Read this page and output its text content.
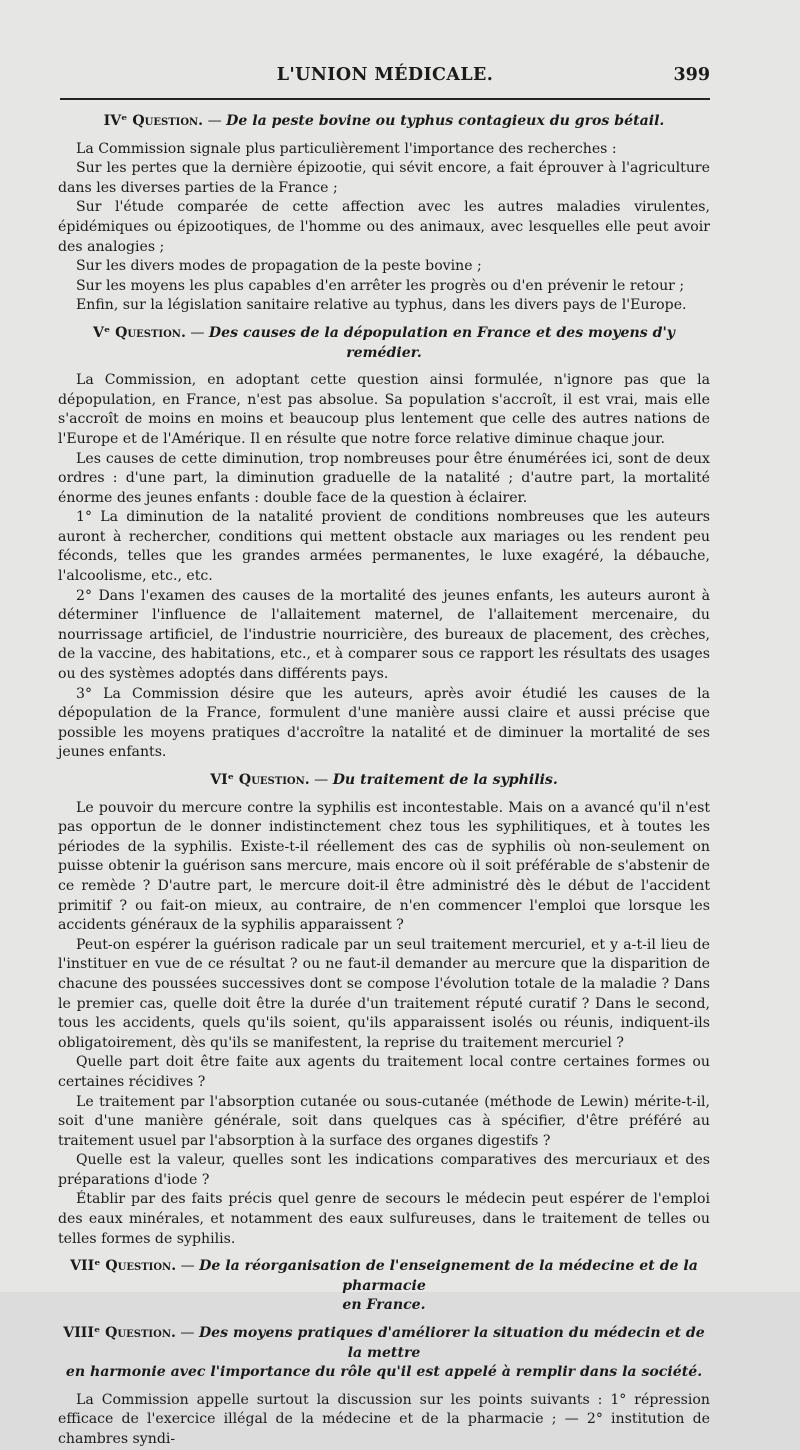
L'UNION MÉDICALE.	399
IVᵉ Question. — De la peste bovine ou typhus contagieux du gros bétail.

La Commission signale plus particulièrement l'importance des recherches :

Sur les pertes que la dernière épizootie, qui sévit encore, a fait éprouver à l'agriculture dans les diverses parties de la France ;

Sur l'étude comparée de cette affection avec les autres maladies virulentes, épidémiques ou épizootiques, de l'homme ou des animaux, avec lesquelles elle peut avoir des analogies ;

Sur les divers modes de propagation de la peste bovine ;

Sur les moyens les plus capables d'en arrêter les progrès ou d'en prévenir le retour ;

Enfin, sur la législation sanitaire relative au typhus, dans les divers pays de l'Europe.

Vᵉ Question. — Des causes de la dépopulation en France et des moyens d'y remédier.

La Commission, en adoptant cette question ainsi formulée, n'ignore pas que la dépopulation, en France, n'est pas absolue. Sa population s'accroît, il est vrai, mais elle s'accroît de moins en moins et beaucoup plus lentement que celle des autres nations de l'Europe et de l'Amérique. Il en résulte que notre force relative diminue chaque jour.

Les causes de cette diminution, trop nombreuses pour être énumérées ici, sont de deux ordres : d'une part, la diminution graduelle de la natalité ; d'autre part, la mortalité énorme des jeunes enfants : double face de la question à éclairer.

1° La diminution de la natalité provient de conditions nombreuses que les auteurs auront à rechercher, conditions qui mettent obstacle aux mariages ou les rendent peu féconds, telles que les grandes armées permanentes, le luxe exagéré, la débauche, l'alcoolisme, etc., etc.

2° Dans l'examen des causes de la mortalité des jeunes enfants, les auteurs auront à déterminer l'influence de l'allaitement maternel, de l'allaitement mercenaire, du nourrissage artificiel, de l'industrie nourricière, des bureaux de placement, des crèches, de la vaccine, des habitations, etc., et à comparer sous ce rapport les résultats des usages ou des systèmes adoptés dans différents pays.

3° La Commission désire que les auteurs, après avoir étudié les causes de la dépopulation de la France, formulent d'une manière aussi claire et aussi précise que possible les moyens pratiques d'accroître la natalité et de diminuer la mortalité de ses jeunes enfants.

VIᵉ Question. — Du traitement de la syphilis.

Le pouvoir du mercure contre la syphilis est incontestable. Mais on a avancé qu'il n'est pas opportun de le donner indistinctement chez tous les syphilitiques, et à toutes les périodes de la syphilis. Existe-t-il réellement des cas de syphilis où non-seulement on puisse obtenir la guérison sans mercure, mais encore où il soit préférable de s'abstenir de ce remède ? D'autre part, le mercure doit-il être administré dès le début de l'accident primitif ? ou fait-on mieux, au contraire, de n'en commencer l'emploi que lorsque les accidents généraux de la syphilis apparaissent ?

Peut-on espérer la guérison radicale par un seul traitement mercuriel, et y a-t-il lieu de l'instituer en vue de ce résultat ? ou ne faut-il demander au mercure que la disparition de chacune des poussées successives dont se compose l'évolution totale de la maladie ? Dans le premier cas, quelle doit être la durée d'un traitement réputé curatif ? Dans le second, tous les accidents, quels qu'ils soient, qu'ils apparaissent isolés ou réunis, indiquent-ils obligatoirement, dès qu'ils se manifestent, la reprise du traitement mercuriel ?

Quelle part doit être faite aux agents du traitement local contre certaines formes ou certaines récidives ?

Le traitement par l'absorption cutanée ou sous-cutanée (méthode de Lewin) mérite-t-il, soit d'une manière générale, soit dans quelques cas à spécifier, d'être préféré au traitement usuel par l'absorption à la surface des organes digestifs ?

Quelle est la valeur, quelles sont les indications comparatives des mercuriaux et des préparations d'iode ?

Établir par des faits précis quel genre de secours le médecin peut espérer de l'emploi des eaux minérales, et notamment des eaux sulfureuses, dans le traitement de telles ou telles formes de syphilis.

VIIᵉ Question. — De la réorganisation de l'enseignement de la médecine et de la pharmacie
en France.
VIIIᵉ Question. — Des moyens pratiques d'améliorer la situation du médecin et de la mettre
en harmonie avec l'importance du rôle qu'il est appelé à remplir dans la société.

La Commission appelle surtout la discussion sur les points suivants : 1° répression efficace de l'exercice illégal de la médecine et de la pharmacie ; — 2° institution de chambres syndi-
